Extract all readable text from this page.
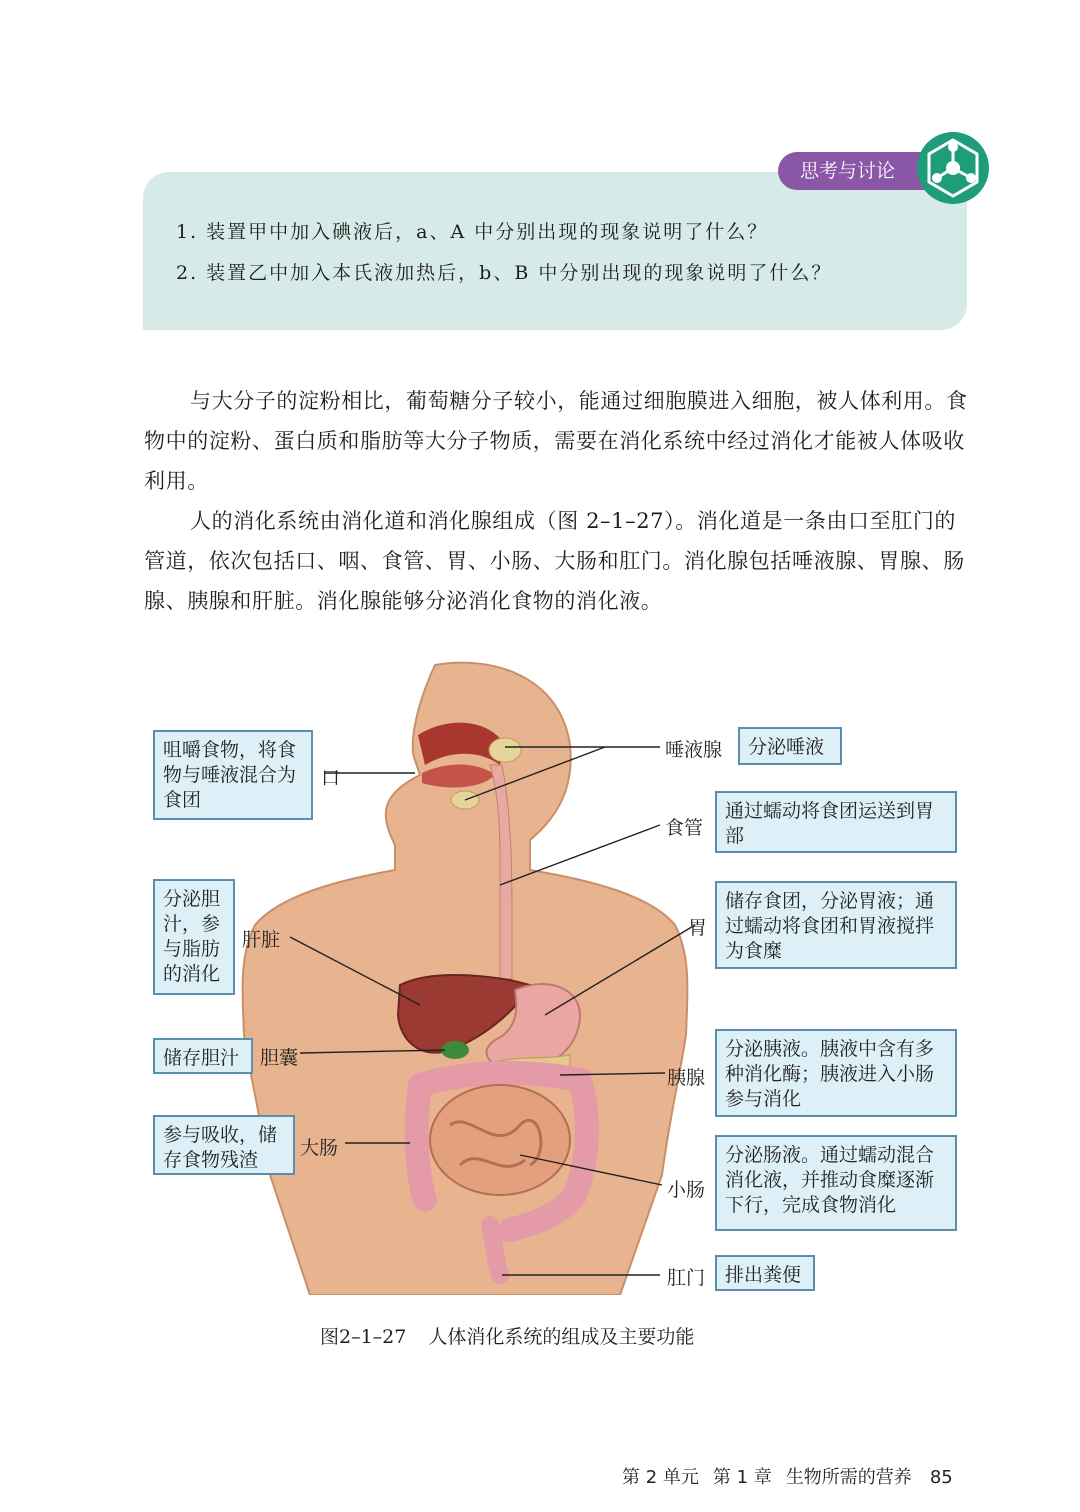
思考与讨论
1. 装置甲中加入碘液后，a、A 中分别出现的现象说明了什么？
2. 装置乙中加入本氏液加热后，b、B 中分别出现的现象说明了什么？
与大分子的淀粉相比，葡萄糖分子较小，能通过细胞膜进入细胞，被人体利用。食物中的淀粉、蛋白质和脂肪等大分子物质，需要在消化系统中经过消化才能被人体吸收利用。
人的消化系统由消化道和消化腺组成（图 2–1–27）。消化道是一条由口至肛门的管道，依次包括口、咽、食管、胃、小肠、大肠和肛门。消化腺包括唾液腺、胃腺、肠腺、胰腺和肝脏。消化腺能够分泌消化食物的消化液。
咀嚼食物，将食物与唾液混合为食团
口
分泌胆汁，参与脂肪的消化
肝脏
储存胆汁	胆囊
参与吸收，储存食物残渣
大肠
唾液腺	分泌唾液
食管
通过蠕动将食团运送到胃部
胃
储存食团，分泌胃液；通过蠕动将食团和胃液搅拌为食糜
胰腺
分泌胰液。胰液中含有多种消化酶；胰液进入小肠参与消化
小肠
分泌肠液。通过蠕动混合消化液，并推动食糜逐渐下行，完成食物消化
肛门	排出粪便
图2–1–27 人体消化系统的组成及主要功能
第 2 单元 第 1 章 生物所需的营养 85
